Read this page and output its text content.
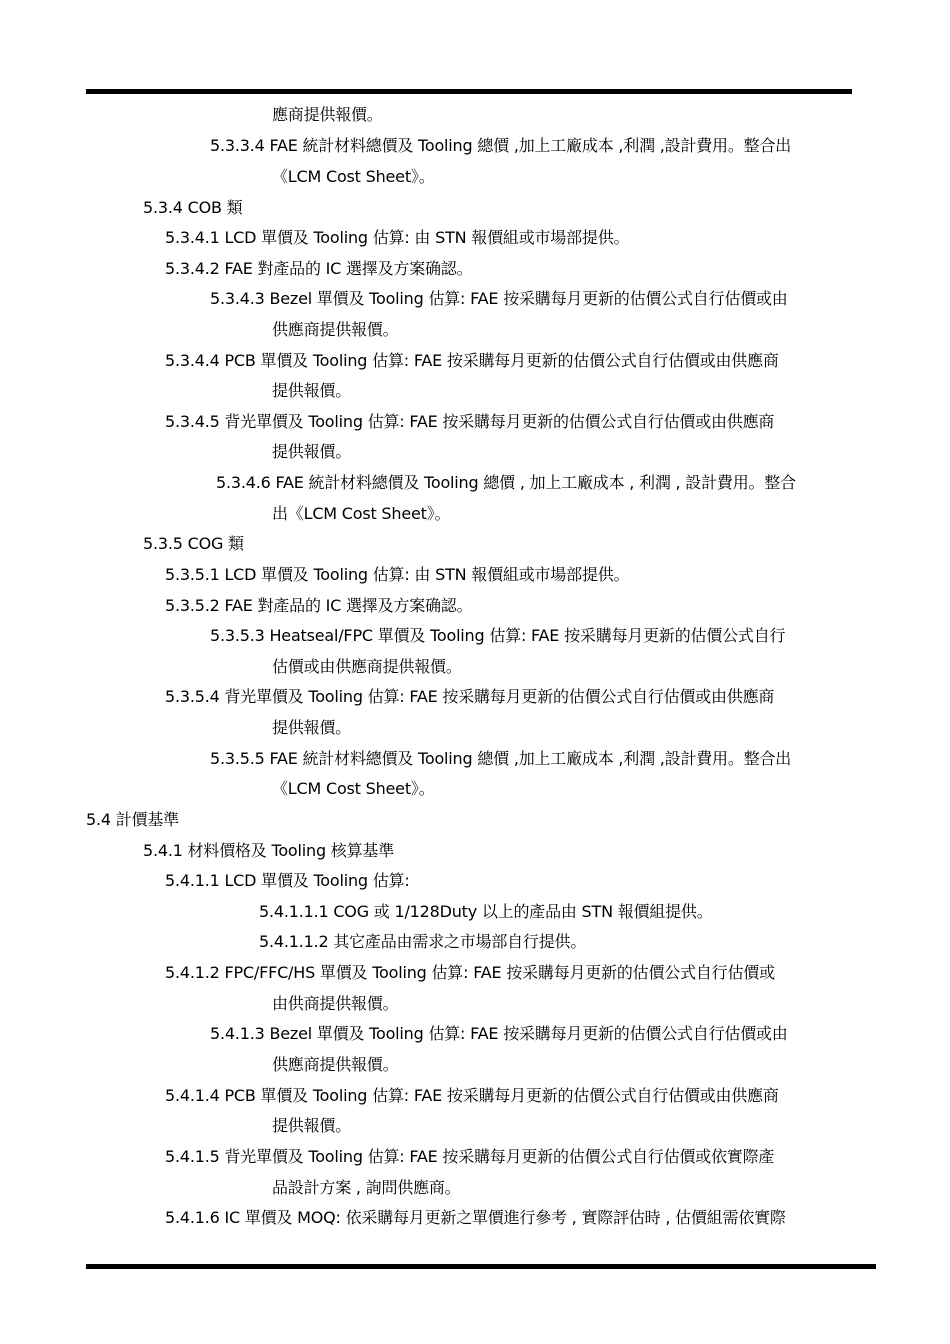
應商提供報價。
5.3.3.4 FAE 統計材料總價及 Tooling 總價 ,加上工廠成本 ,利潤 ,設計費用。整合出
《LCM Cost Sheet》。
5.3.4 COB 類
5.3.4.1 LCD 單價及 Tooling 估算: 由 STN 報價組或市場部提供。
5.3.4.2 FAE 對產品的 IC 選擇及方案确認。
5.3.4.3 Bezel 單價及 Tooling 估算: FAE 按采購每月更新的估價公式自行估價或由
供應商提供報價。
5.3.4.4 PCB 單價及 Tooling 估算: FAE 按采購每月更新的估價公式自行估價或由供應商
提供報價。
5.3.4.5 背光單價及 Tooling 估算: FAE 按采購每月更新的估價公式自行估價或由供應商
提供報價。
5.3.4.6 FAE 統計材料總價及 Tooling 總價 , 加上工廠成本 , 利潤 , 設計費用。整合
出《LCM Cost Sheet》。
5.3.5 COG 類
5.3.5.1 LCD 單價及 Tooling 估算: 由 STN 報價組或市場部提供。
5.3.5.2 FAE 對產品的 IC 選擇及方案确認。
5.3.5.3 Heatseal/FPC 單價及 Tooling 估算: FAE 按采購每月更新的估價公式自行
估價或由供應商提供報價。
5.3.5.4 背光單價及 Tooling 估算: FAE 按采購每月更新的估價公式自行估價或由供應商
提供報價。
5.3.5.5 FAE 統計材料總價及 Tooling 總價 ,加上工廠成本 ,利潤 ,設計費用。整合出
《LCM Cost Sheet》。
5.4 計價基準
5.4.1 材料價格及 Tooling 核算基準
5.4.1.1 LCD 單價及 Tooling 估算:
5.4.1.1.1 COG 或 1/128Duty 以上的產品由 STN 報價組提供。
5.4.1.1.2 其它產品由需求之市場部自行提供。
5.4.1.2 FPC/FFC/HS 單價及 Tooling 估算: FAE 按采購每月更新的估價公式自行估價或
由供商提供報價。
5.4.1.3 Bezel 單價及 Tooling 估算: FAE 按采購每月更新的估價公式自行估價或由
供應商提供報價。
5.4.1.4 PCB 單價及 Tooling 估算: FAE 按采購每月更新的估價公式自行估價或由供應商
提供報價。
5.4.1.5 背光單價及 Tooling 估算: FAE 按采購每月更新的估價公式自行估價或依實際產
品設計方案 , 詢問供應商。
5.4.1.6 IC 單價及 MOQ: 依采購每月更新之單價進行參考 , 實際評估時 , 估價組需依實際
